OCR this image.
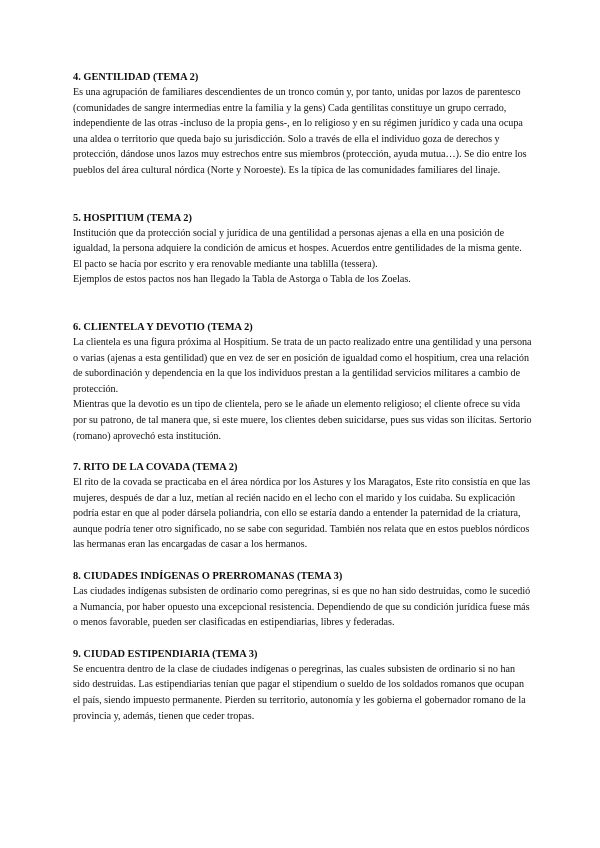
4. GENTILIDAD (TEMA 2)

Es una agrupación de familiares descendientes de un tronco común y, por tanto, unidas por lazos de parentesco (comunidades de sangre intermedias entre la familia y la gens) Cada gentilitas constituye un grupo cerrado, independiente de las otras -incluso de la propia gens-, en lo religioso y en su régimen jurídico y cada una ocupa una aldea o territorio que queda bajo su jurisdicción. Solo a través de ella el individuo goza de derechos y protección, dándose unos lazos muy estrechos entre sus miembros (protección, ayuda mutua…). Se dio entre los pueblos del área cultural nórdica (Norte y Noroeste). Es la típica de las comunidades familiares del linaje.

5. HOSPITIUM (TEMA 2)

Institución que da protección social y jurídica de una gentilidad a personas ajenas a ella en una posición de igualdad, la persona adquiere la condición de amicus et hospes. Acuerdos entre gentilidades de la misma gente. El pacto se hacía por escrito y era renovable mediante una tablilla (tessera).

Ejemplos de estos pactos nos han llegado la Tabla de Astorga o Tabla de los Zoelas.

6. CLIENTELA Y DEVOTIO (TEMA 2)

La clientela es una figura próxima al Hospitium. Se trata de un pacto realizado entre una gentilidad y una persona o varias (ajenas a esta gentilidad) que en vez de ser en posición de igualdad como el hospitium, crea una relación de subordinación y dependencia en la que los individuos prestan a la gentilidad servicios militares a cambio de protección.

Mientras que la devotio es un tipo de clientela, pero se le añade un elemento religioso; el cliente ofrece su vida por su patrono, de tal manera que, si este muere, los clientes deben suicidarse, pues sus vidas son ilícitas. Sertorio (romano) aprovechó esta institución.

7. RITO DE LA COVADA (TEMA 2)

El rito de la covada se practicaba en el área nórdica por los Astures y los Maragatos, Este rito consistía en que las mujeres, después de dar a luz, metían al recién nacido en el lecho con el marido y los cuidaba. Su explicación podría estar en que al poder dársela poliandria, con ello se estaría dando a entender la paternidad de la criatura, aunque podría tener otro significado, no se sabe con seguridad. También nos relata que en estos pueblos nórdicos las hermanas eran las encargadas de casar a los hermanos.

8. CIUDADES INDÍGENAS O PRERROMANAS (TEMA 3)

Las ciudades indígenas subsisten de ordinario como peregrinas, si es que no han sido destruidas, como le sucedió a Numancia, por haber opuesto una excepcional resistencia. Dependiendo de que su condición jurídica fuese más o menos favorable, pueden ser clasificadas en estipendiarias, libres y federadas.

9. CIUDAD ESTIPENDIARIA (TEMA 3)

Se encuentra dentro de la clase de ciudades indígenas o peregrinas, las cuales subsisten de ordinario si no han sido destruidas. Las estipendiarias tenían que pagar el stipendium o sueldo de los soldados romanos que ocupan el país, siendo impuesto permanente. Pierden su territorio, autonomía y les gobierna el gobernador romano de la provincia y, además, tienen que ceder tropas.
